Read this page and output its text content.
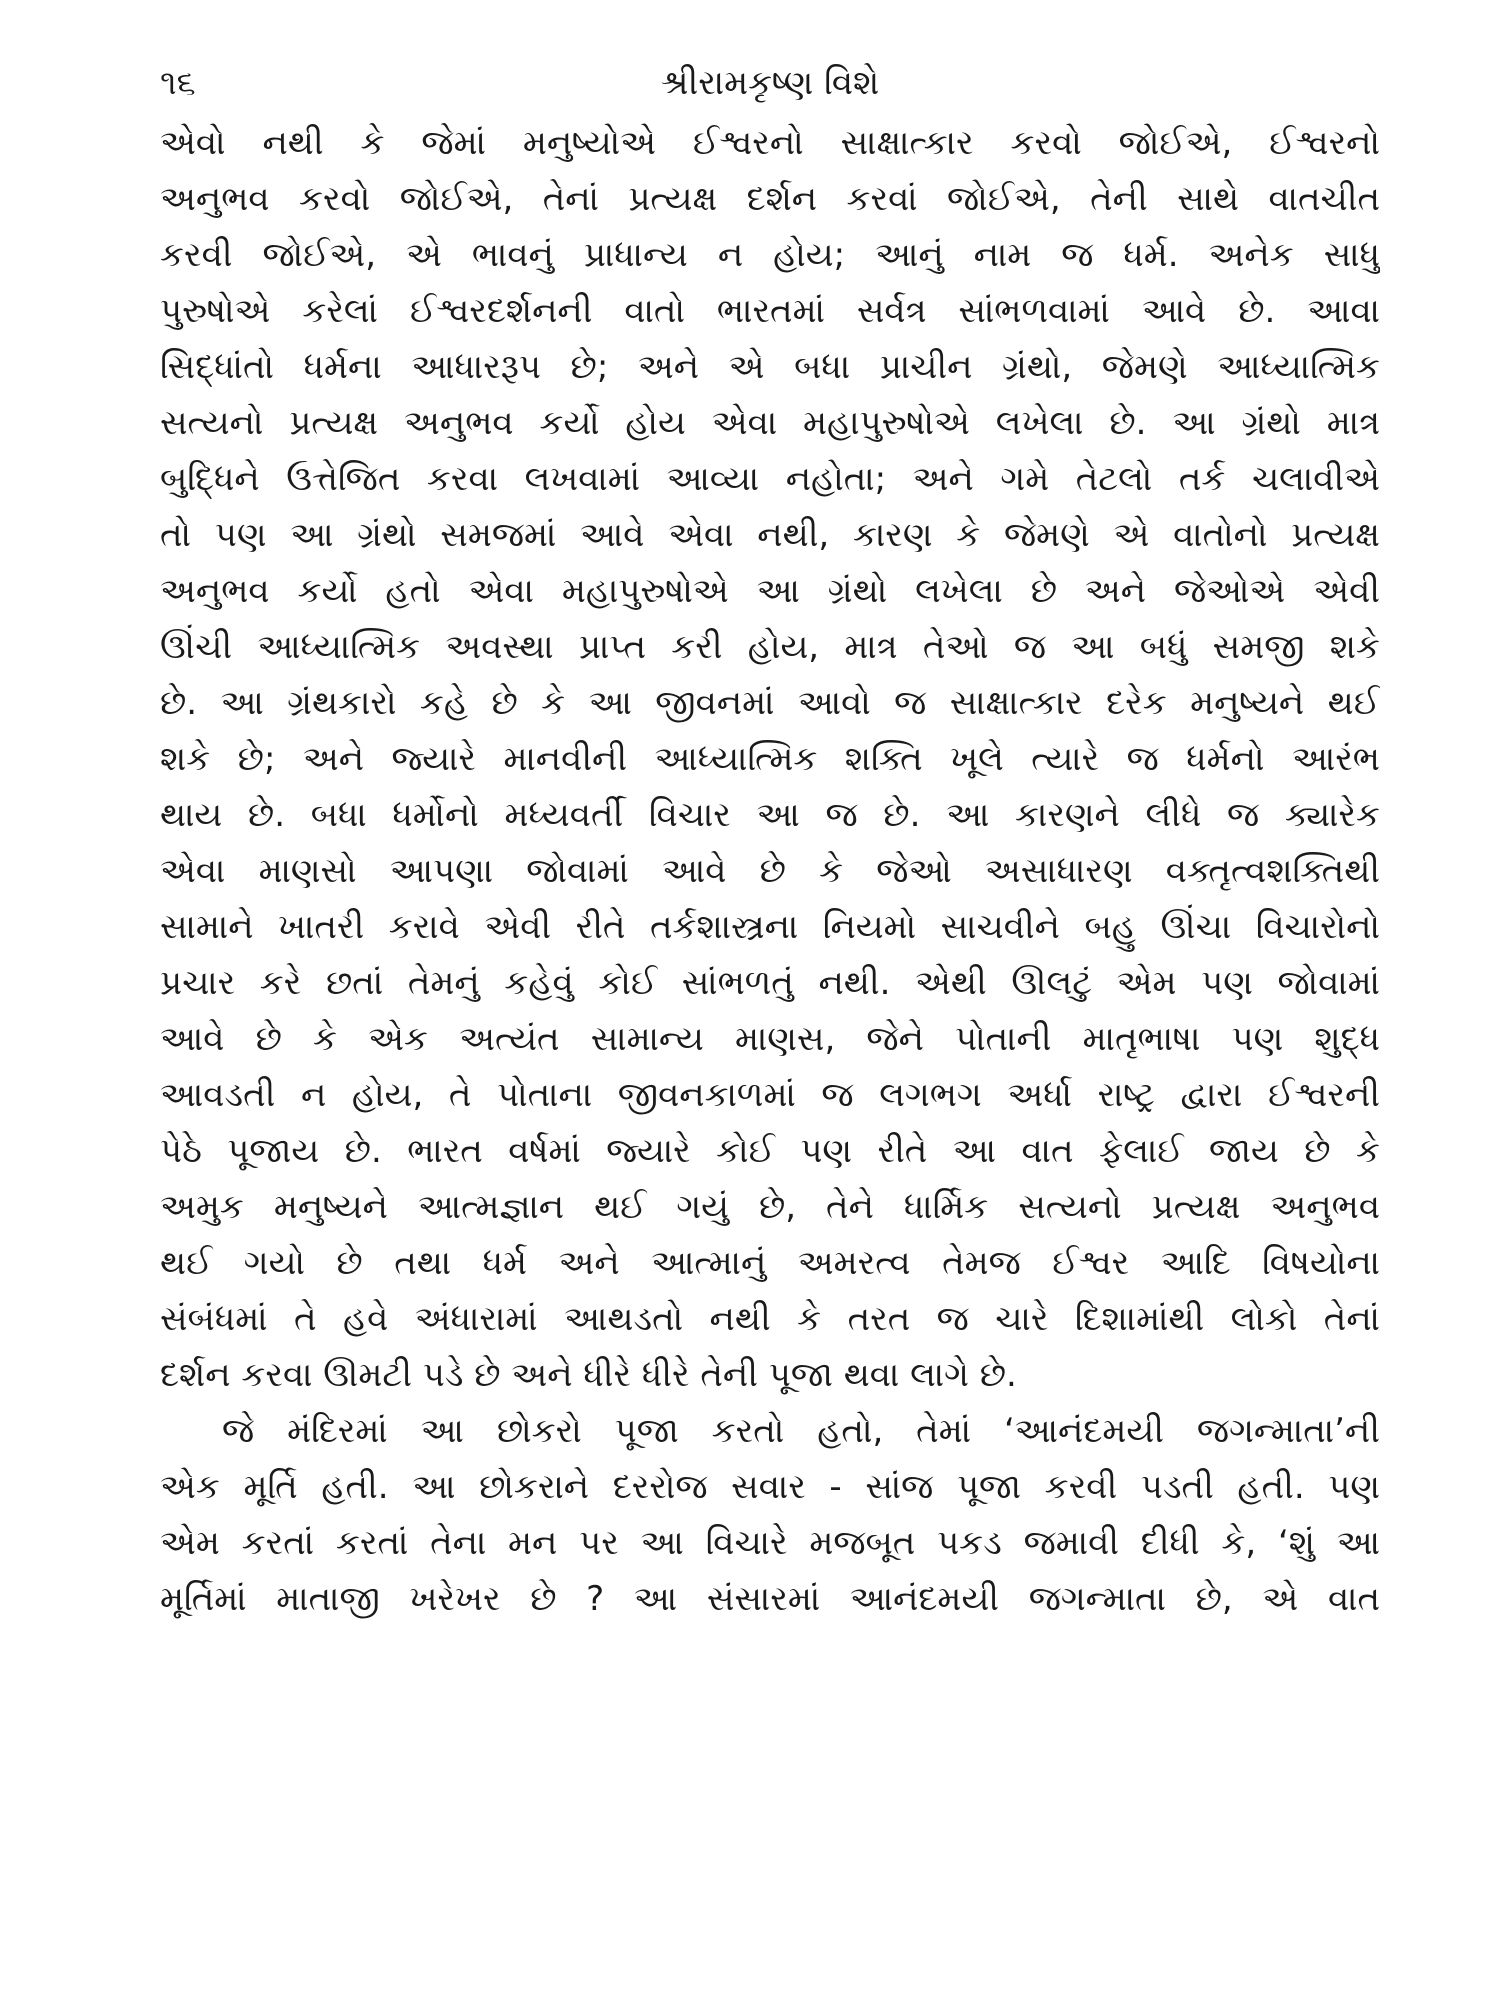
૧૬	શ્રીરામકૃષ્ણ વિશે
એવો નથી કે જેમાં મનુષ્યોએ ઈશ્વરનો સાક્ષાત્કાર કરવો જોઈએ, ઈશ્વરનો
અનુભવ કરવો જોઈએ, તેનાં પ્રત્યક્ષ દર્શન કરવાં જોઈએ, તેની સાથે વાતચીત
કરવી જોઈએ, એ ભાવનું પ્રાધાન્ય ન હોય; આનું નામ જ ધર્મ. અનેક સાધુ
પુરુષોએ કરેલાં ઈશ્વરદર્શનની વાતો ભારતમાં સર્વત્ર સાંભળવામાં આવે છે. આવા
સિદ્ધાંતો ધર્મના આધારરૂપ છે; અને એ બધા પ્રાચીન ગ્રંથો, જેમણે આધ્યાત્મિક
સત્યનો પ્રત્યક્ષ અનુભવ કર્યો હોય એવા મહાપુરુષોએ લખેલા છે. આ ગ્રંથો માત્ર
બુદ્ધિને ઉત્તેજિત કરવા લખવામાં આવ્યા નહોતા; અને ગમે તેટલો તર્ક ચલાવીએ
તો પણ આ ગ્રંથો સમજમાં આવે એવા નથી, કારણ કે જેમણે એ વાતોનો પ્રત્યક્ષ
અનુભવ કર્યો હતો એવા મહાપુરુષોએ આ ગ્રંથો લખેલા છે અને જેઓએ એવી
ઊંચી આધ્યાત્મિક અવસ્થા પ્રાપ્ત કરી હોય, માત્ર તેઓ જ આ બધું સમજી શકે
છે. આ ગ્રંથકારો કહે છે કે આ જીવનમાં આવો જ સાક્ષાત્કાર દરેક મનુષ્યને થઈ
શકે છે; અને જ્યારે માનવીની આધ્યાત્મિક શક્તિ ખૂલે ત્યારે જ ધર્મનો આરંભ
થાય છે. બધા ધર્મોનો મધ્યવર્તી વિચાર આ જ છે. આ કારણને લીધે જ ક્યારેક
એવા માણસો આપણા જોવામાં આવે છે કે જેઓ અસાધારણ વક્તૃત્વશક્તિથી
સામાને ખાતરી કરાવે એવી રીતે તર્કશાસ્ત્રના નિયમો સાચવીને બહુ ઊંચા વિચારોનો
પ્રચાર કરે છતાં તેમનું કહેવું કોઈ સાંભળતું નથી. એથી ઊલટું એમ પણ જોવામાં
આવે છે કે એક અત્યંત સામાન્ય માણસ, જેને પોતાની માતૃભાષા પણ શુદ્ધ
આવડતી ન હોય, તે પોતાના જીવનકાળમાં જ લગભગ અર્ધા રાષ્ટ્ર દ્વારા ઈશ્વરની
પેઠે પૂજાય છે. ભારત વર્ષમાં જ્યારે કોઈ પણ રીતે આ વાત ફેલાઈ જાય છે કે
અમુક મનુષ્યને આત્મજ્ઞાન થઈ ગયું છે, તેને ધાર્મિક સત્યનો પ્રત્યક્ષ અનુભવ
થઈ ગયો છે તથા ધર્મ અને આત્માનું અમરત્વ તેમજ ઈશ્વર આદિ વિષયોના
સંબંધમાં તે હવે અંધારામાં આથડતો નથી કે તરત જ ચારે દિશામાંથી લોકો તેનાં
દર્શન કરવા ઊમટી પડે છે અને ધીરે ધીરે તેની પૂજા થવા લાગે છે.
જે મંદિરમાં આ છોકરો પૂજા કરતો હતો, તેમાં ‘આનંદમયી જગન્માતા’ની
એક મૂર્તિ હતી. આ છોકરાને દરરોજ સવાર - સાંજ પૂજા કરવી પડતી હતી. પણ
એમ કરતાં કરતાં તેના મન પર આ વિચારે મજબૂત પકડ જમાવી દીધી કે, ‘શું આ
મૂર્તિમાં માતાજી ખરેખર છે ? આ સંસારમાં આનંદમયી જગન્માતા છે, એ વાત
